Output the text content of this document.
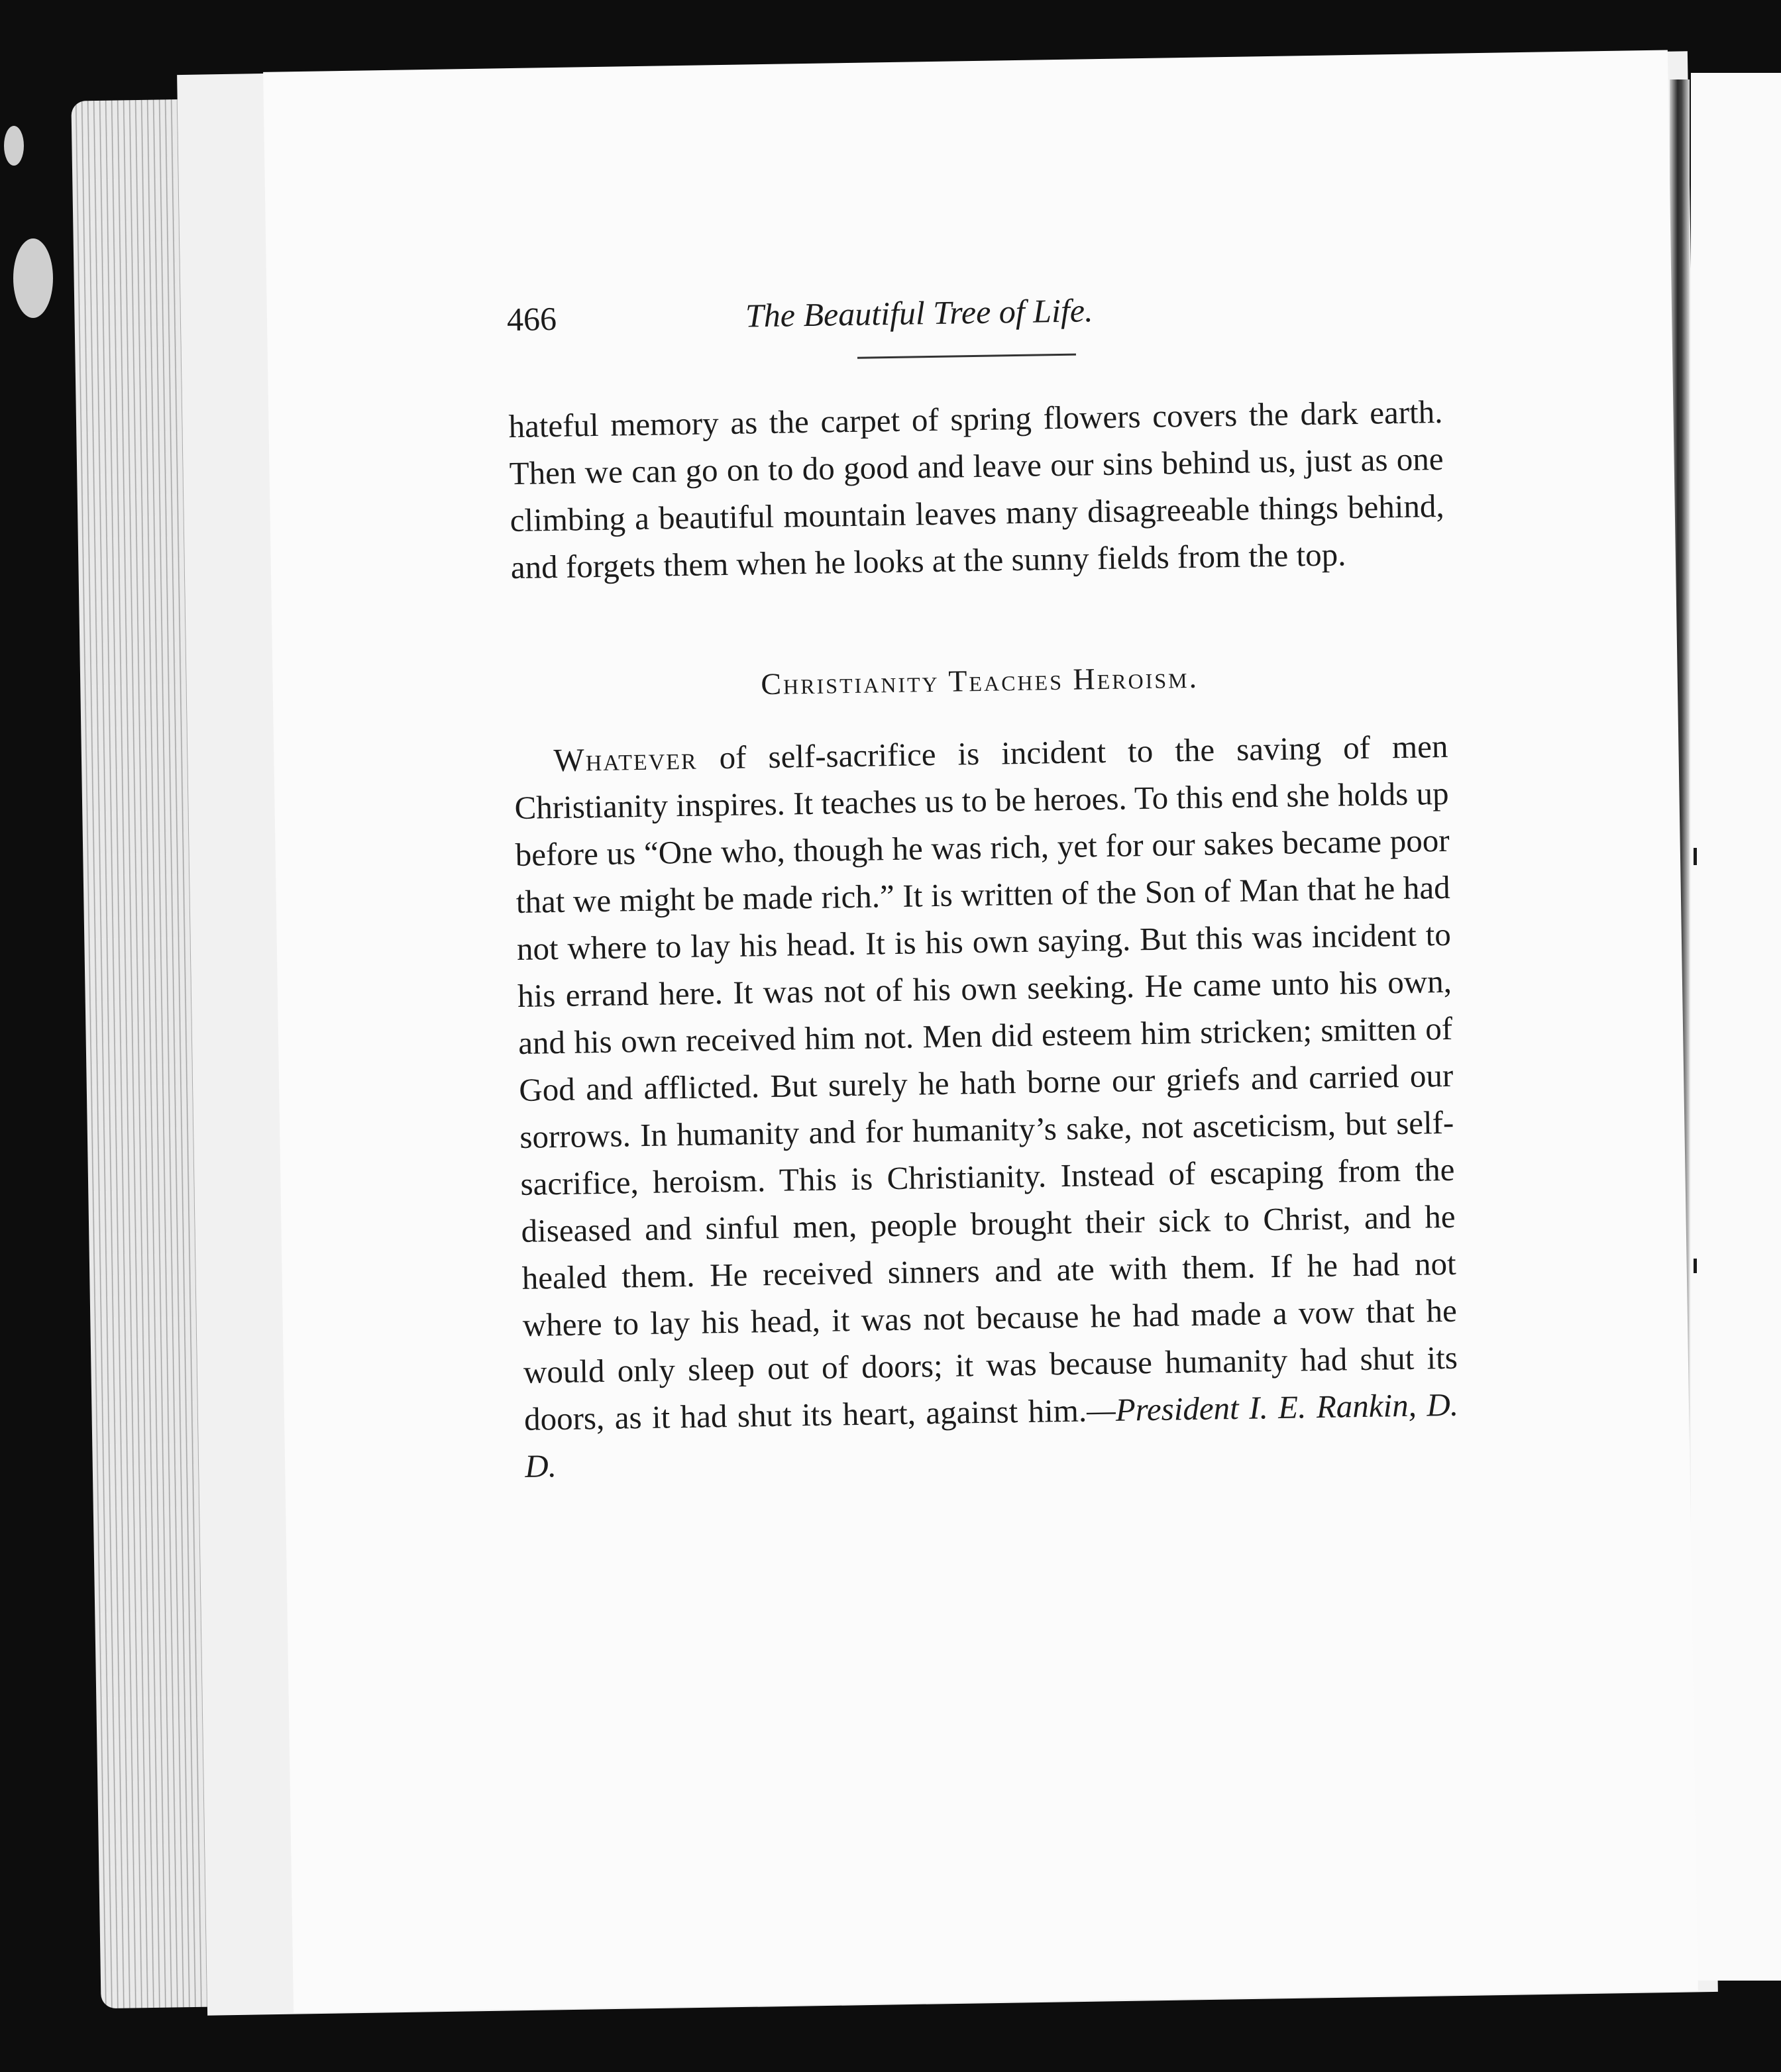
466	The Beautiful Tree of Life.

hateful memory as the carpet of spring flowers covers the dark earth. Then we can go on to do good and leave our sins behind us, just as one climbing a beautiful mountain leaves many disagreeable things behind, and forgets them when he looks at the sunny fields from the top.

Christianity Teaches Heroism.

Whatever of self-sacrifice is incident to the saving of men Christianity inspires. It teaches us to be heroes. To this end she holds up before us “One who, though he was rich, yet for our sakes became poor that we might be made rich.” It is written of the Son of Man that he had not where to lay his head. It is his own saying. But this was incident to his errand here. It was not of his own seeking. He came unto his own, and his own received him not. Men did esteem him stricken; smitten of God and afflicted. But surely he hath borne our griefs and carried our sorrows. In humanity and for humanity’s sake, not asceticism, but self-sacrifice, heroism. This is Christianity. Instead of escaping from the diseased and sinful men, people brought their sick to Christ, and he healed them. He received sinners and ate with them. If he had not where to lay his head, it was not because he had made a vow that he would only sleep out of doors; it was because humanity had shut its doors, as it had shut its heart, against him.—President I. E. Rankin, D. D.
